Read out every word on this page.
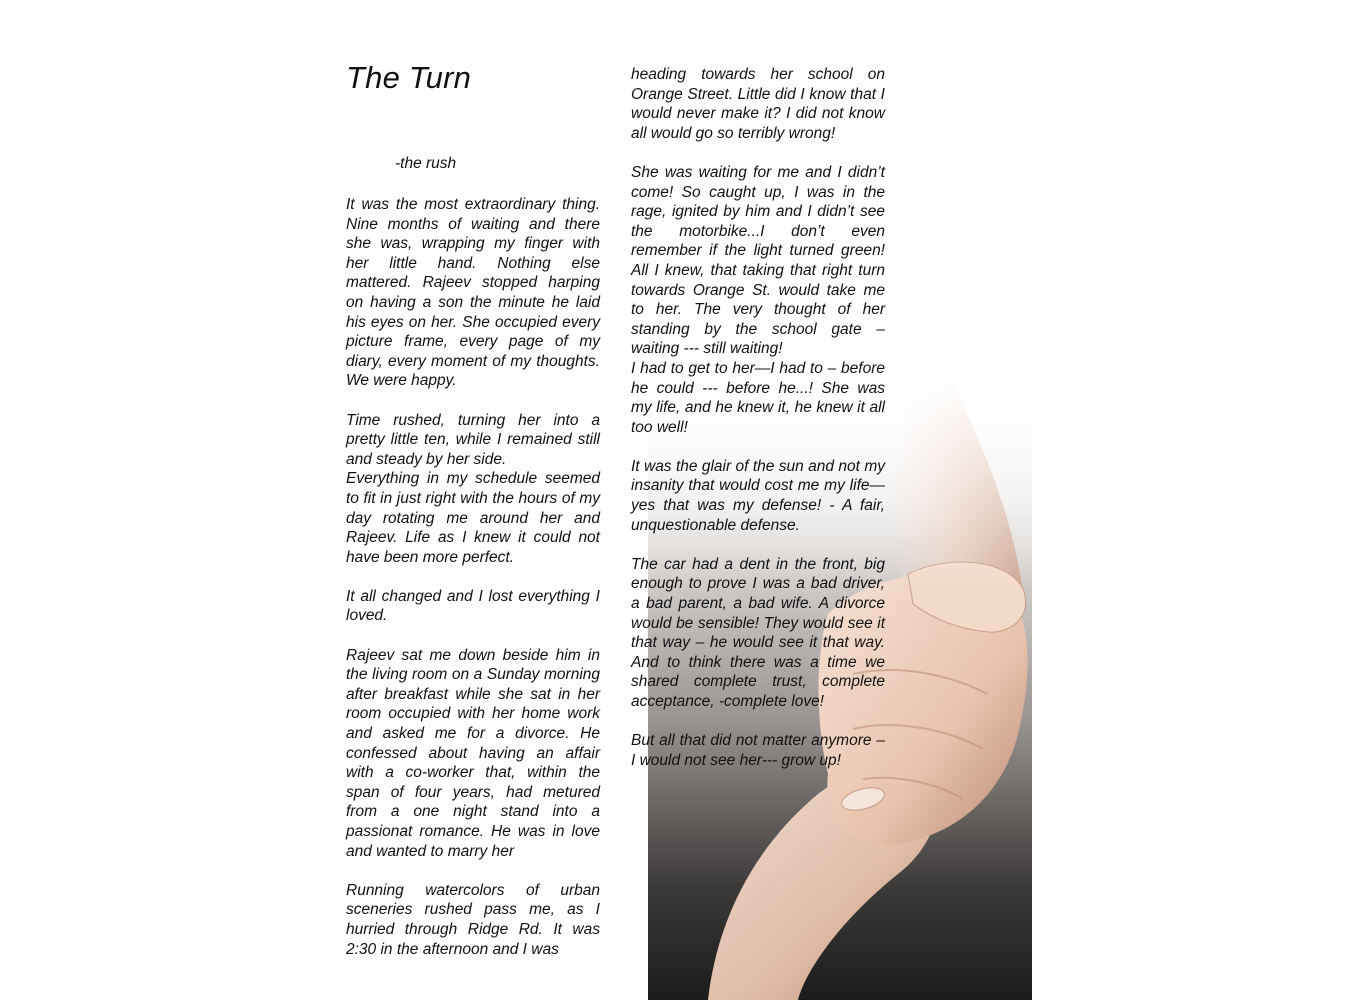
The Turn
-the rush

It was the most extraordinary thing. Nine months of waiting and there she was, wrapping my finger with her little hand. Nothing else mattered. Rajeev stopped harping on having a son the minute he laid his eyes on her. She occupied every picture frame, every page of my diary, every moment of my thoughts. We were happy.

Time rushed, turning her into a pretty little ten, while I remained still and steady by her side.

Everything in my schedule seemed to fit in just right with the hours of my day rotating me around her and Rajeev. Life as I knew it could not have been more perfect.

It all changed and I lost everything I loved.

Rajeev sat me down beside him in the living room on a Sunday morning after breakfast while she sat in her room occupied with her home work and asked me for a divorce. He confessed about having an affair with a co-worker that, within the span of four years, had metured from a one night stand into a passionat romance. He was in love and wanted to marry her

Running watercolors of urban sceneries rushed pass me, as I hurried through Ridge Rd. It was 2:30 in the afternoon and I was

heading towards her school on Orange Street. Little did I know that I would never make it? I did not know all would go so terribly wrong!

She was waiting for me and I didn’t come! So caught up, I was in the rage, ignited by him and I didn’t see the motorbike...I don’t even remember if the light turned green! All I knew, that taking that right turn towards Orange St. would take me to her. The very thought of her standing by the school gate – waiting --- still waiting!

I had to get to her—I had to – before he could --- before he...! She was my life, and he knew it, he knew it all too well!

It was the glair of the sun and not my insanity that would cost me my life—yes that was my defense! - A fair, unquestionable defense.

The car had a dent in the front, big enough to prove I was a bad driver, a bad parent, a bad wife. A divorce would be sensible! They would see it that way – he would see it that way. And to think there was a time we shared complete trust, complete acceptance, -complete love!

But all that did not matter anymore – I would not see her--- grow up!
